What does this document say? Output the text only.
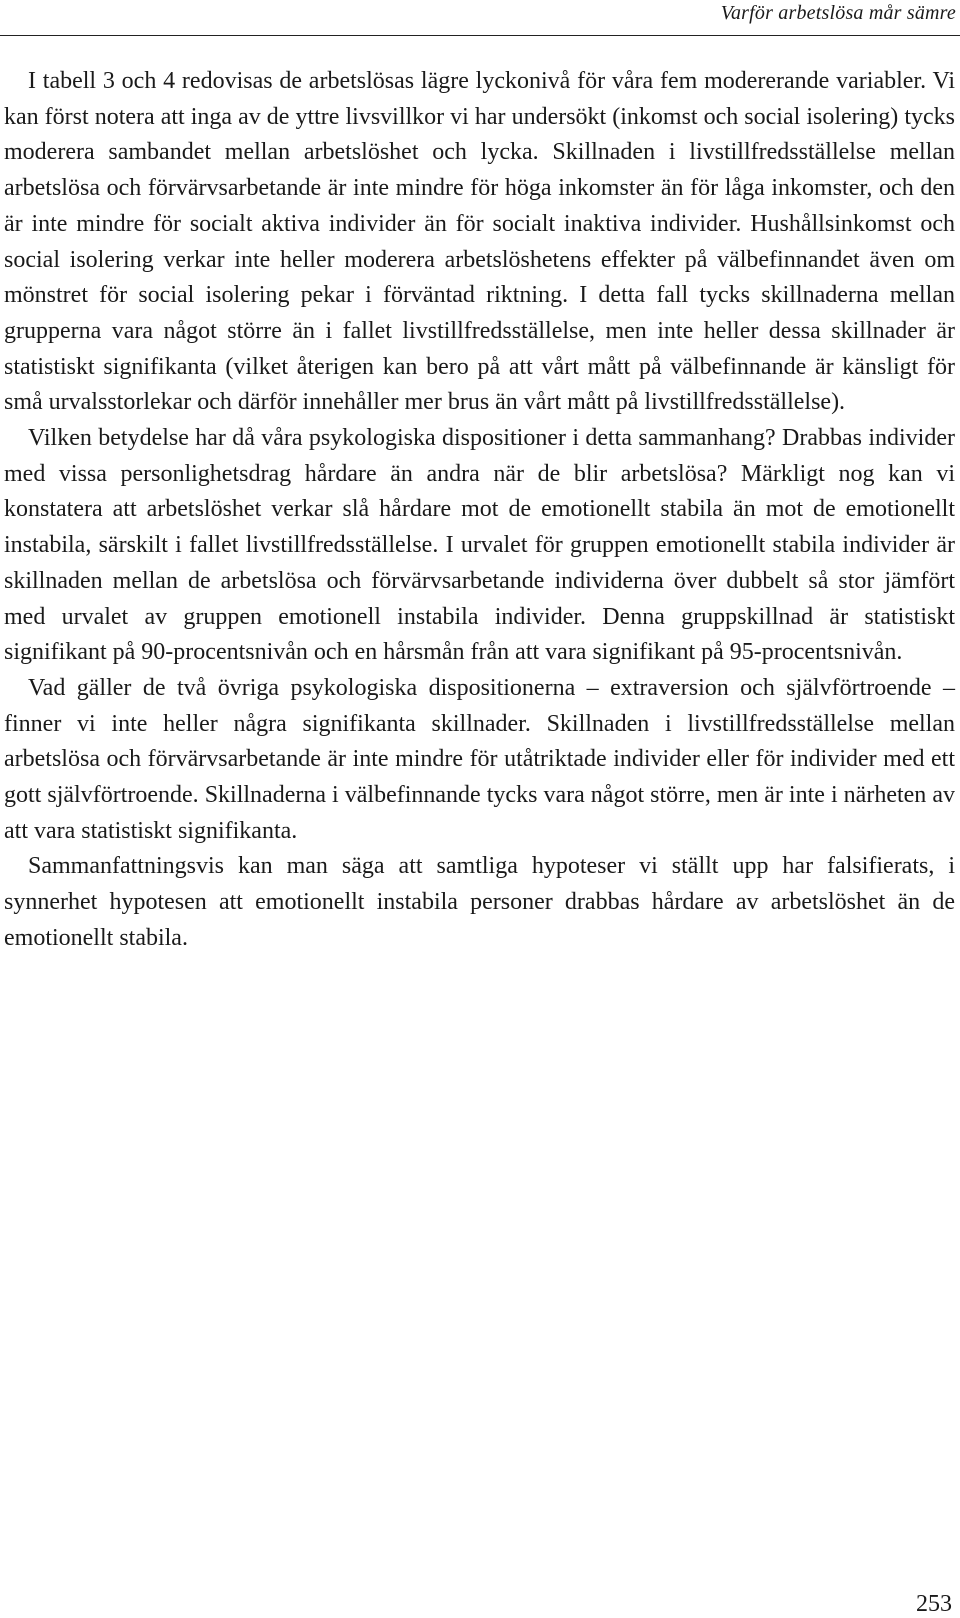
Varför arbetslösa mår sämre

I tabell 3 och 4 redovisas de arbetslösas lägre lyckonivå för våra fem modererande variabler. Vi kan först notera att inga av de yttre livsvillkor vi har undersökt (inkomst och social isolering) tycks moderera sambandet mellan arbetslöshet och lycka. Skillnaden i livstillfredsställelse mellan arbetslösa och förvärvsarbetande är inte mindre för höga inkomster än för låga inkomster, och den är inte mindre för socialt aktiva individer än för socialt inaktiva individer. Hushållsinkomst och social isolering verkar inte heller moderera arbetslöshetens effekter på välbefinnandet även om mönstret för social isolering pekar i förväntad riktning. I detta fall tycks skillnaderna mellan grupperna vara något större än i fallet livstillfredsställelse, men inte heller dessa skillnader är statistiskt signifikanta (vilket återigen kan bero på att vårt mått på välbefinnande är känsligt för små urvalsstorlekar och därför innehåller mer brus än vårt mått på livstillfredsställelse).

Vilken betydelse har då våra psykologiska dispositioner i detta sammanhang? Drabbas individer med vissa personlighetsdrag hårdare än andra när de blir arbetslösa? Märkligt nog kan vi konstatera att arbetslöshet verkar slå hårdare mot de emotionellt stabila än mot de emotionellt instabila, särskilt i fallet livstillfredsställelse. I urvalet för gruppen emotionellt stabila individer är skillnaden mellan de arbetslösa och förvärvsarbetande individerna över dubbelt så stor jämfört med urvalet av gruppen emotionell instabila individer. Denna gruppskillnad är statistiskt signifikant på 90-procentsnivån och en hårsmån från att vara signifikant på 95-procentsnivån.

Vad gäller de två övriga psykologiska dispositionerna – extraversion och självförtroende – finner vi inte heller några signifikanta skillnader. Skillnaden i livstillfredsställelse mellan arbetslösa och förvärvsarbetande är inte mindre för utåtriktade individer eller för individer med ett gott självförtroende. Skillnaderna i välbefinnande tycks vara något större, men är inte i närheten av att vara statistiskt signifikanta.

Sammanfattningsvis kan man säga att samtliga hypoteser vi ställt upp har falsifierats, i synnerhet hypotesen att emotionellt instabila personer drabbas hårdare av arbetslöshet än de emotionellt stabila.

253
